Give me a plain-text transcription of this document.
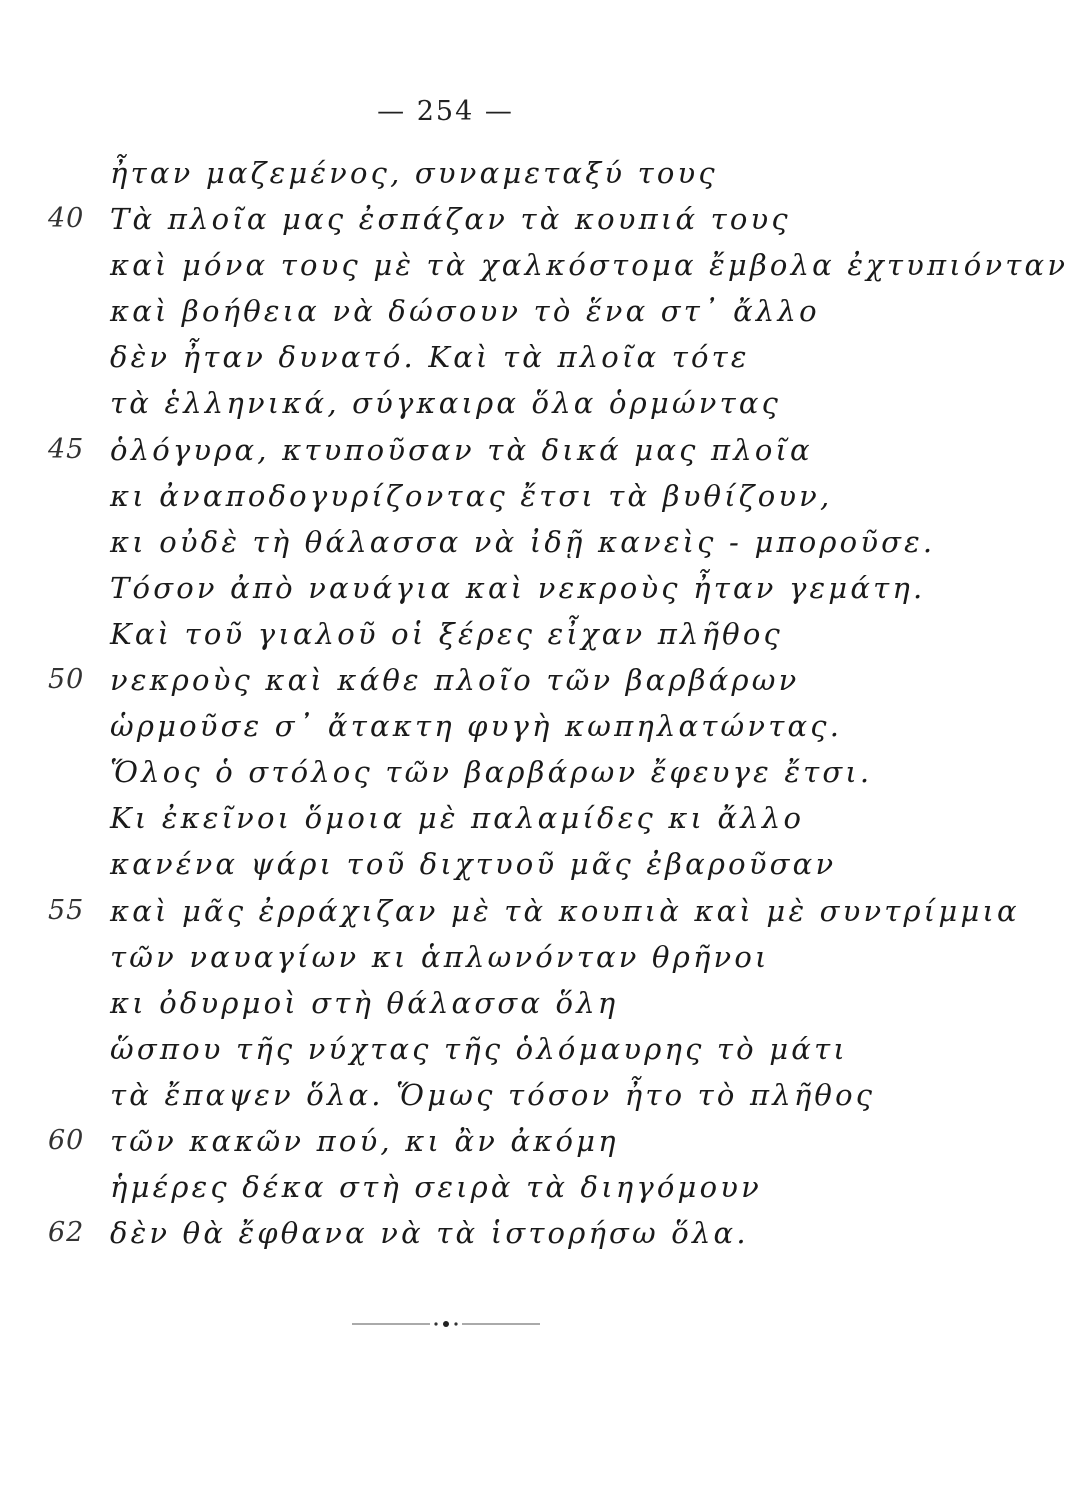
— 254 —
ἦταν μαζεμένος, συναμεταξύ τους
40 Τὰ πλοῖα μας ἐσπάζαν τὰ κουπιά τους
καὶ μόνα τους μὲ τὰ χαλκόστομα ἔμβολα ἐχτυπιόνταν
καὶ βοήθεια νὰ δώσουν τὸ ἕνα στ᾽ ἄλλο
δὲν ἦταν δυνατό. Καὶ τὰ πλοῖα τότε
τὰ ἑλληνικά, σύγκαιρα ὅλα ὁρμώντας
45 ὁλόγυρα, κτυποῦσαν τὰ δικά μας πλοῖα
κι ἀναποδογυρίζοντας ἔτσι τὰ βυθίζουν,
κι οὐδὲ τὴ θάλασσα νὰ ἰδῇ κανεὶς - μποροῦσε.
Τόσον ἀπὸ ναυάγια καὶ νεκροὺς ἦταν γεμάτη.
Καὶ τοῦ γιαλοῦ οἱ ξέρες εἶχαν πλῆθος
50 νεκροὺς καὶ κάθε πλοῖο τῶν βαρβάρων
ὡρμοῦσε σ᾽ ἄτακτη φυγὴ κωπηλατώντας.
Ὅλος ὁ στόλος τῶν βαρβάρων ἔφευγε ἔτσι.
Κι ἐκεῖνοι ὅμοια μὲ παλαμίδες κι ἄλλο
κανένα ψάρι τοῦ διχτυοῦ μᾶς ἐβαροῦσαν
55 καὶ μᾶς ἐρράχιζαν μὲ τὰ κουπιὰ καὶ μὲ συντρίμμια
τῶν ναυαγίων κι ἁπλωνόνταν θρῆνοι
κι ὀδυρμοὶ στὴ θάλασσα ὅλη
ὥσπου τῆς νύχτας τῆς ὁλόμαυρης τὸ μάτι
τὰ ἔπαψεν ὅλα. Ὅμως τόσον ἦτο τὸ πλῆθος
60 τῶν κακῶν πού, κι ἂν ἀκόμη
ἡμέρες δέκα στὴ σειρὰ τὰ διηγόμουν
62 δὲν θὰ ἔφθανα νὰ τὰ ἱστορήσω ὅλα.
